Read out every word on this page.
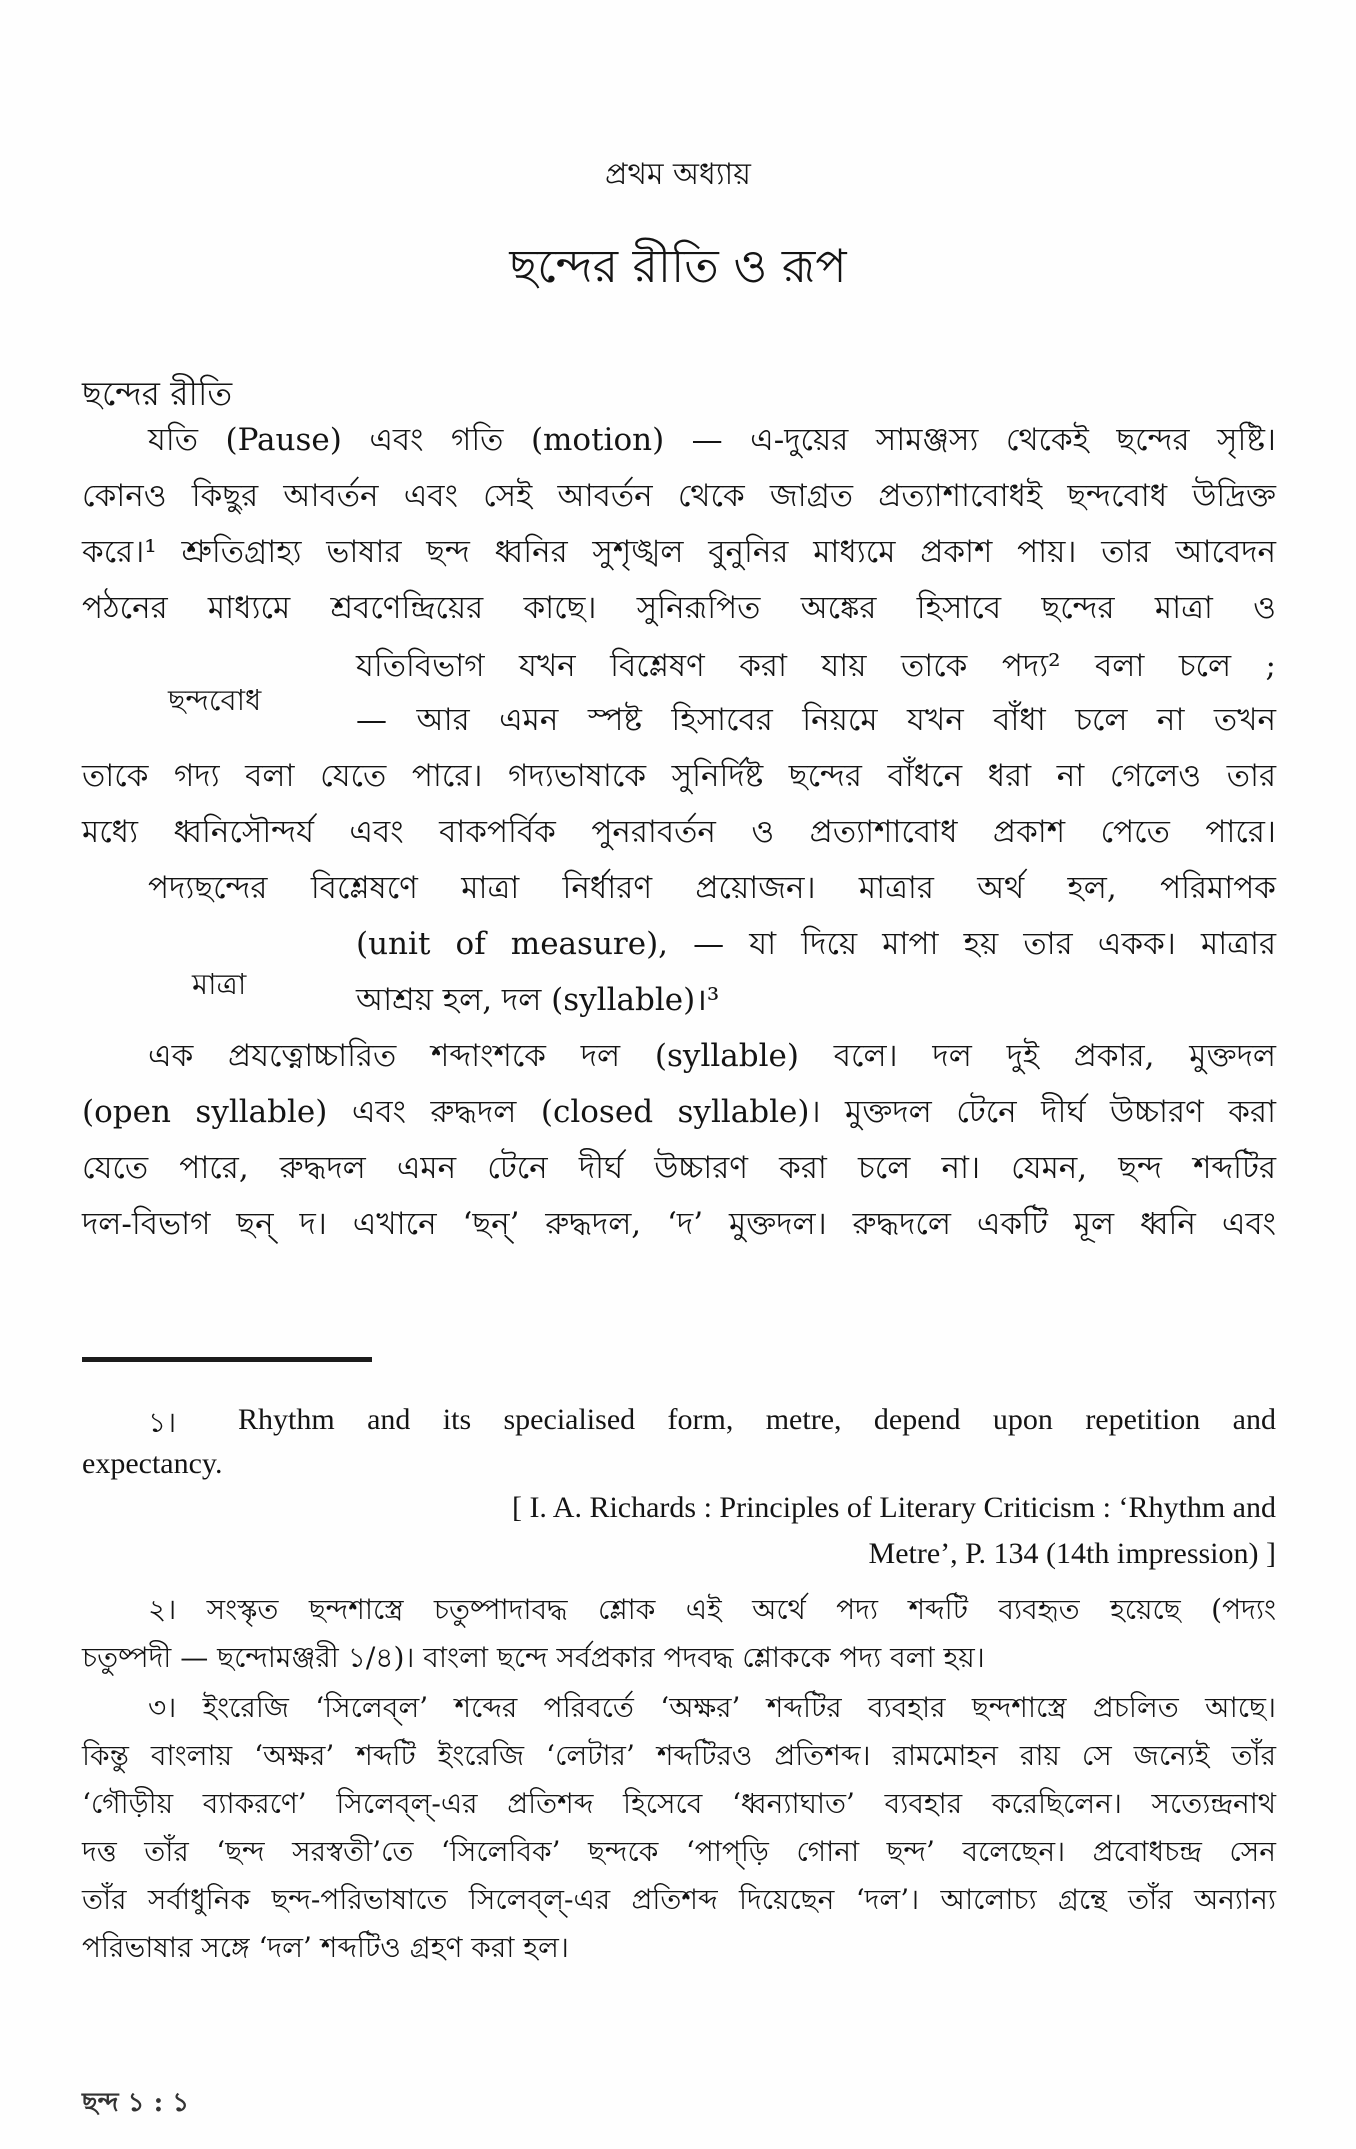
প্রথম অধ্যায়
ছন্দের রীতি ও রূপ
ছন্দের রীতি
যতি (Pause) এবং গতি (motion) — এ-দুয়ের সামঞ্জস্য থেকেই ছন্দের সৃষ্টি।
কোনও কিছুর আবর্তন এবং সেই আবর্তন থেকে জাগ্রত প্রত্যাশাবোধই ছন্দবোধ উদ্রিক্ত
করে।¹ শ্রুতিগ্রাহ্য ভাষার ছন্দ ধ্বনির সুশৃঙ্খল বুনুনির মাধ্যমে প্রকাশ পায়। তার আবেদন
পঠনের মাধ্যমে শ্রবণেন্দ্রিয়ের কাছে। সুনিরূপিত অঙ্কের হিসাবে ছন্দের মাত্রা ও
যতিবিভাগ যখন বিশ্লেষণ করা যায় তাকে পদ্য² বলা চলে ;
— আর এমন স্পষ্ট হিসাবের নিয়মে যখন বাঁধা চলে না তখন
তাকে গদ্য বলা যেতে পারে। গদ্যভাষাকে সুনির্দিষ্ট ছন্দের বাঁধনে ধরা না গেলেও তার
মধ্যে ধ্বনিসৌন্দর্য এবং বাকপর্বিক পুনরাবর্তন ও প্রত্যাশাবোধ প্রকাশ পেতে পারে।
পদ্যছন্দের বিশ্লেষণে মাত্রা নির্ধারণ প্রয়োজন। মাত্রার অর্থ হল, পরিমাপক
(unit of measure), — যা দিয়ে মাপা হয় তার একক। মাত্রার
আশ্রয় হল, দল (syllable)।³
এক প্রযত্নোচ্চারিত শব্দাংশকে দল (syllable) বলে। দল দুই প্রকার, মুক্তদল
(open syllable) এবং রুদ্ধদল (closed syllable)। মুক্তদল টেনে দীর্ঘ উচ্চারণ করা
যেতে পারে, রুদ্ধদল এমন টেনে দীর্ঘ উচ্চারণ করা চলে না। যেমন, ছন্দ শব্দটির
দল-বিভাগ ছন্ দ। এখানে ‘ছন্’ রুদ্ধদল, ‘দ’ মুক্তদল। রুদ্ধদলে একটি মূল ধ্বনি এবং
ছন্দবোধ
মাত্রা
১। Rhythm and its specialised form, metre, depend upon repetition and
expectancy.
[ I. A. Richards : Principles of Literary Criticism : ‘Rhythm and
Metre’, P. 134 (14th impression) ]
২। সংস্কৃত ছন্দশাস্ত্রে চতুষ্পাদাবদ্ধ শ্লোক এই অর্থে পদ্য শব্দটি ব্যবহৃত হয়েছে (পদ্যং
চতুষ্পদী — ছন্দোমঞ্জরী ১/৪)। বাংলা ছন্দে সর্বপ্রকার পদবদ্ধ শ্লোককে পদ্য বলা হয়।
৩। ইংরেজি ‘সিলেব্‌ল’ শব্দের পরিবর্তে ‘অক্ষর’ শব্দটির ব্যবহার ছন্দশাস্ত্রে প্রচলিত আছে।
কিন্তু বাংলায় ‘অক্ষর’ শব্দটি ইংরেজি ‘লেটার’ শব্দটিরও প্রতিশব্দ। রামমোহন রায় সে জন্যেই তাঁর
‘গৌড়ীয় ব্যাকরণে’ সিলেব্‌ল্-এর প্রতিশব্দ হিসেবে ‘ধ্বন্যাঘাত’ ব্যবহার করেছিলেন। সত্যেন্দ্রনাথ
দত্ত তাঁর ‘ছন্দ সরস্বতী’তে ‘সিলেবিক’ ছন্দকে ‘পাপ্‌ড়ি গোনা ছন্দ’ বলেছেন। প্রবোধচন্দ্র সেন
তাঁর সর্বাধুনিক ছন্দ-পরিভাষাতে সিলেব্‌ল্-এর প্রতিশব্দ দিয়েছেন ‘দল’। আলোচ্য গ্রন্থে তাঁর অন্যান্য
পরিভাষার সঙ্গে ‘দল’ শব্দটিও গ্রহণ করা হল।
ছন্দ ১ : ১
